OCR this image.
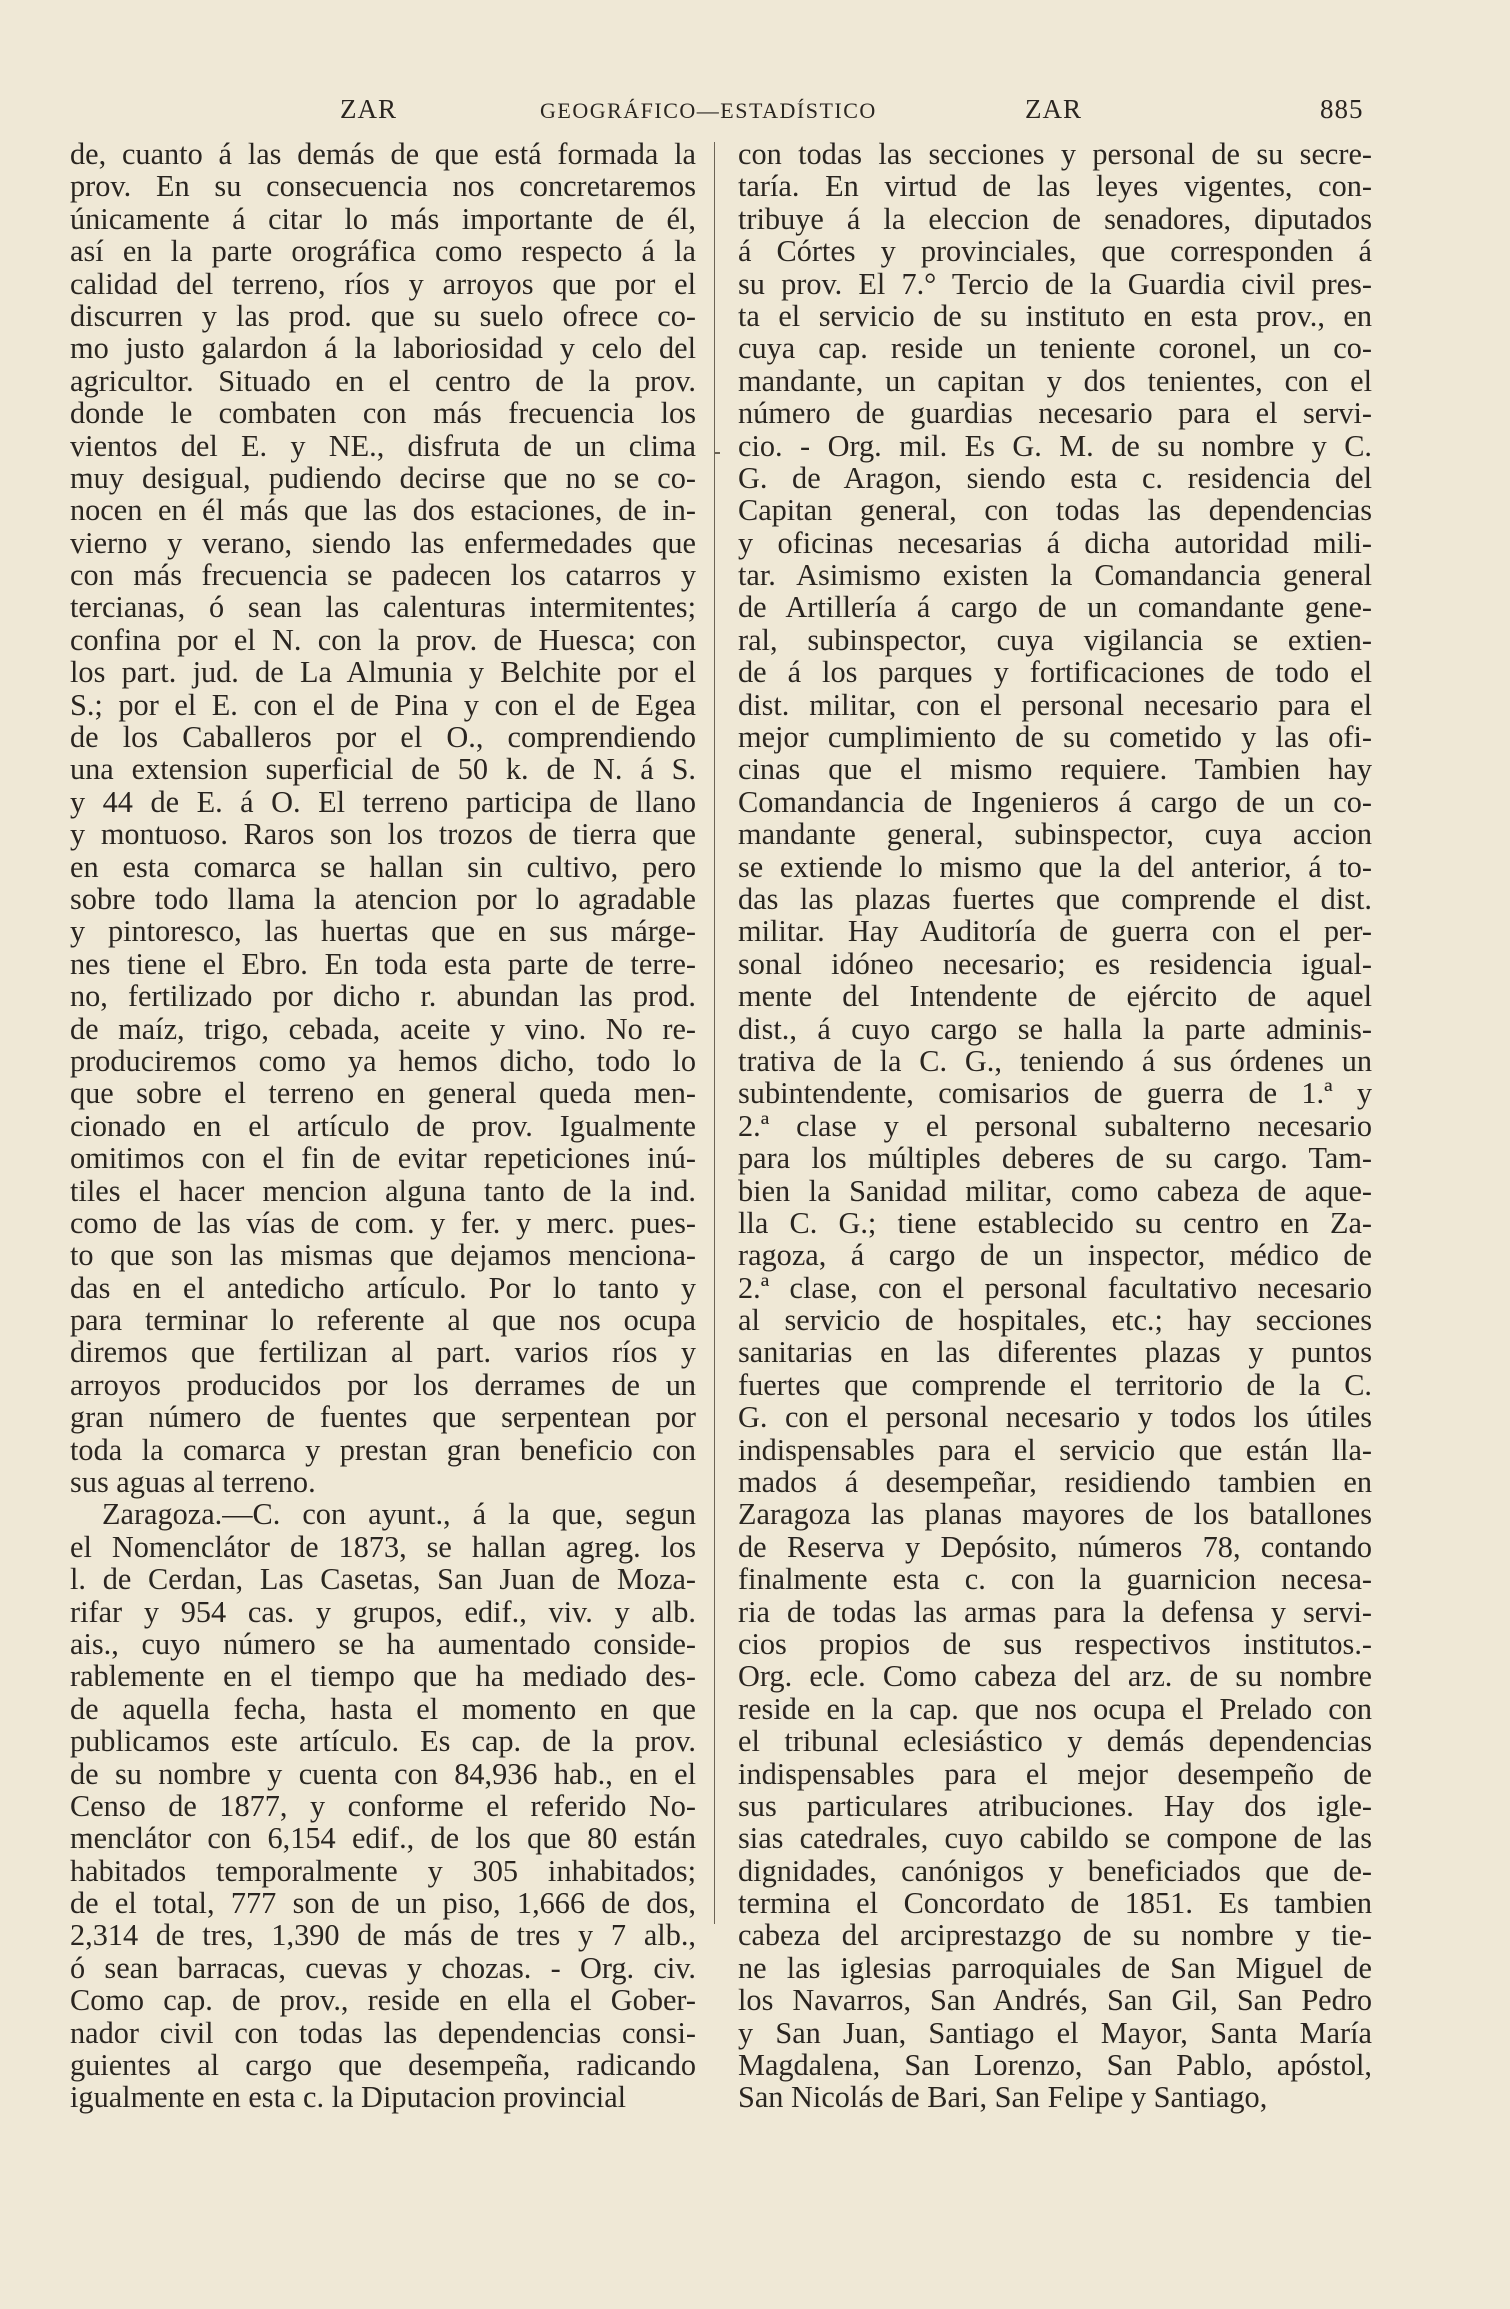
ZAR	GEOGRÁFICO—ESTADÍSTICO	ZAR	885
de, cuanto á las demás de que está formada la
prov. En su consecuencia nos concretaremos
únicamente á citar lo más importante de él,
así en la parte orográfica como respecto á la
calidad del terreno, ríos y arroyos que por el
discurren y las prod. que su suelo ofrece co-
mo justo galardon á la laboriosidad y celo del
agricultor. Situado en el centro de la prov.
donde le combaten con más frecuencia los
vientos del E. y NE., disfruta de un clima
muy desigual, pudiendo decirse que no se co-
nocen en él más que las dos estaciones, de in-
vierno y verano, siendo las enfermedades que
con más frecuencia se padecen los catarros y
tercianas, ó sean las calenturas intermitentes;
confina por el N. con la prov. de Huesca; con
los part. jud. de La Almunia y Belchite por el
S.; por el E. con el de Pina y con el de Egea
de los Caballeros por el O., comprendiendo
una extension superficial de 50 k. de N. á S.
y 44 de E. á O. El terreno participa de llano
y montuoso. Raros son los trozos de tierra que
en esta comarca se hallan sin cultivo, pero
sobre todo llama la atencion por lo agradable
y pintoresco, las huertas que en sus márge-
nes tiene el Ebro. En toda esta parte de terre-
no, fertilizado por dicho r. abundan las prod.
de maíz, trigo, cebada, aceite y vino. No re-
produciremos como ya hemos dicho, todo lo
que sobre el terreno en general queda men-
cionado en el artículo de prov. Igualmente
omitimos con el fin de evitar repeticiones inú-
tiles el hacer mencion alguna tanto de la ind.
como de las vías de com. y fer. y merc. pues-
to que son las mismas que dejamos menciona-
das en el antedicho artículo. Por lo tanto y
para terminar lo referente al que nos ocupa
diremos que fertilizan al part. varios ríos y
arroyos producidos por los derrames de un
gran número de fuentes que serpentean por
toda la comarca y prestan gran beneficio con
sus aguas al terreno.
Zaragoza.—C. con ayunt., á la que, segun
el Nomenclátor de 1873, se hallan agreg. los
l. de Cerdan, Las Casetas, San Juan de Moza-
rifar y 954 cas. y grupos, edif., viv. y alb.
ais., cuyo número se ha aumentado conside-
rablemente en el tiempo que ha mediado des-
de aquella fecha, hasta el momento en que
publicamos este artículo. Es cap. de la prov.
de su nombre y cuenta con 84,936 hab., en el
Censo de 1877, y conforme el referido No-
menclátor con 6,154 edif., de los que 80 están
habitados temporalmente y 305 inhabitados;
de el total, 777 son de un piso, 1,666 de dos,
2,314 de tres, 1,390 de más de tres y 7 alb.,
ó sean barracas, cuevas y chozas. - Org. civ.
Como cap. de prov., reside en ella el Gober-
nador civil con todas las dependencias consi-
guientes al cargo que desempeña, radicando
igualmente en esta c. la Diputacion provincial
con todas las secciones y personal de su secre-
taría. En virtud de las leyes vigentes, con-
tribuye á la eleccion de senadores, diputados
á Córtes y provinciales, que corresponden á
su prov. El 7.° Tercio de la Guardia civil pres-
ta el servicio de su instituto en esta prov., en
cuya cap. reside un teniente coronel, un co-
mandante, un capitan y dos tenientes, con el
número de guardias necesario para el servi-
cio. - Org. mil. Es G. M. de su nombre y C.
G. de Aragon, siendo esta c. residencia del
Capitan general, con todas las dependencias
y oficinas necesarias á dicha autoridad mili-
tar. Asimismo existen la Comandancia general
de Artillería á cargo de un comandante gene-
ral, subinspector, cuya vigilancia se extien-
de á los parques y fortificaciones de todo el
dist. militar, con el personal necesario para el
mejor cumplimiento de su cometido y las ofi-
cinas que el mismo requiere. Tambien hay
Comandancia de Ingenieros á cargo de un co-
mandante general, subinspector, cuya accion
se extiende lo mismo que la del anterior, á to-
das las plazas fuertes que comprende el dist.
militar. Hay Auditoría de guerra con el per-
sonal idóneo necesario; es residencia igual-
mente del Intendente de ejército de aquel
dist., á cuyo cargo se halla la parte adminis-
trativa de la C. G., teniendo á sus órdenes un
subintendente, comisarios de guerra de 1.ª y
2.ª clase y el personal subalterno necesario
para los múltiples deberes de su cargo. Tam-
bien la Sanidad militar, como cabeza de aque-
lla C. G.; tiene establecido su centro en Za-
ragoza, á cargo de un inspector, médico de
2.ª clase, con el personal facultativo necesario
al servicio de hospitales, etc.; hay secciones
sanitarias en las diferentes plazas y puntos
fuertes que comprende el territorio de la C.
G. con el personal necesario y todos los útiles
indispensables para el servicio que están lla-
mados á desempeñar, residiendo tambien en
Zaragoza las planas mayores de los batallones
de Reserva y Depósito, números 78, contando
finalmente esta c. con la guarnicion necesa-
ria de todas las armas para la defensa y servi-
cios propios de sus respectivos institutos.-
Org. ecle. Como cabeza del arz. de su nombre
reside en la cap. que nos ocupa el Prelado con
el tribunal eclesiástico y demás dependencias
indispensables para el mejor desempeño de
sus particulares atribuciones. Hay dos igle-
sias catedrales, cuyo cabildo se compone de las
dignidades, canónigos y beneficiados que de-
termina el Concordato de 1851. Es tambien
cabeza del arciprestazgo de su nombre y tie-
ne las iglesias parroquiales de San Miguel de
los Navarros, San Andrés, San Gil, San Pedro
y San Juan, Santiago el Mayor, Santa María
Magdalena, San Lorenzo, San Pablo, apóstol,
San Nicolás de Bari, San Felipe y Santiago,
